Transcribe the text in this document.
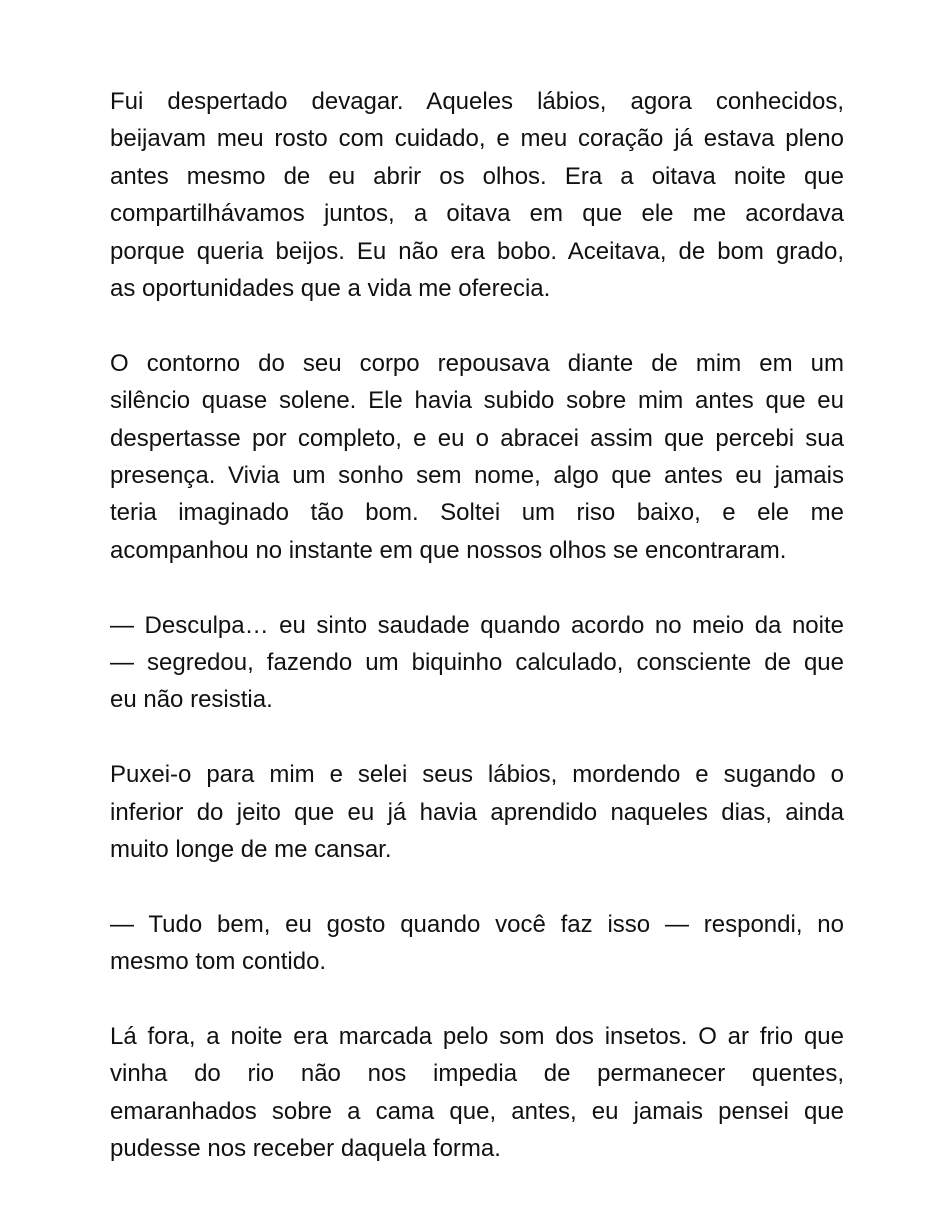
Fui despertado devagar. Aqueles lábios, agora conhecidos,
beijavam meu rosto com cuidado, e meu coração já estava pleno
antes mesmo de eu abrir os olhos. Era a oitava noite que
compartilhávamos juntos, a oitava em que ele me acordava
porque queria beijos. Eu não era bobo. Aceitava, de bom grado,
as oportunidades que a vida me oferecia.

O contorno do seu corpo repousava diante de mim em um
silêncio quase solene. Ele havia subido sobre mim antes que eu
despertasse por completo, e eu o abracei assim que percebi sua
presença. Vivia um sonho sem nome, algo que antes eu jamais
teria imaginado tão bom. Soltei um riso baixo, e ele me
acompanhou no instante em que nossos olhos se encontraram.

— Desculpa… eu sinto saudade quando acordo no meio da noite
— segredou, fazendo um biquinho calculado, consciente de que
eu não resistia.

Puxei-o para mim e selei seus lábios, mordendo e sugando o
inferior do jeito que eu já havia aprendido naqueles dias, ainda
muito longe de me cansar.

— Tudo bem, eu gosto quando você faz isso — respondi, no
mesmo tom contido.

Lá fora, a noite era marcada pelo som dos insetos. O ar frio que
vinha do rio não nos impedia de permanecer quentes,
emaranhados sobre a cama que, antes, eu jamais pensei que
pudesse nos receber daquela forma.
